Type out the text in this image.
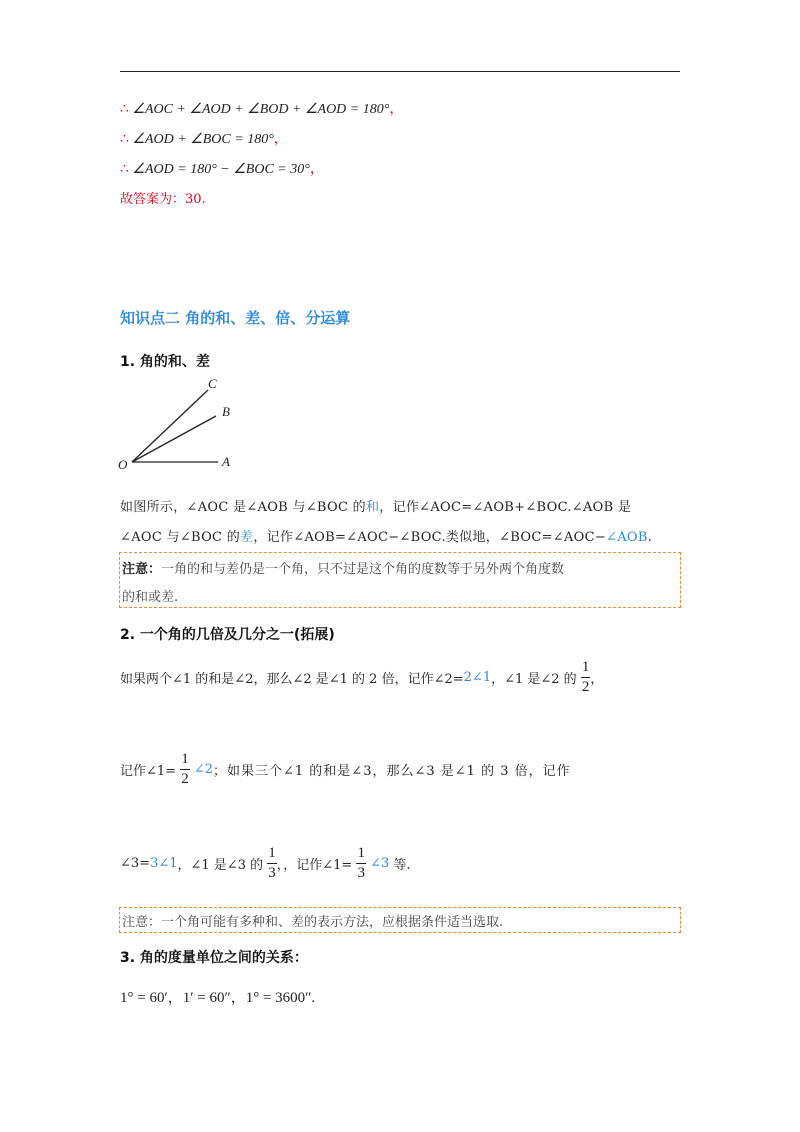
∴ ∠AOC + ∠AOD + ∠BOD + ∠AOD = 180°，
∴ ∠AOD + ∠BOC = 180°，
∴ ∠AOD = 180° − ∠BOC = 30°，
故答案为：30.
知识点二 角的和、差、倍、分运算
1. 角的和、差
C
B
O	A
如图所示，∠AOC 是∠AOB 与∠BOC 的和，记作∠AOC=∠AOB+∠BOC.∠AOB 是
∠AOC 与∠BOC 的差，记作∠AOB=∠AOC−∠BOC.类似地，∠BOC=∠AOC−∠AOB.
注意：一角的和与差仍是一个角，只不过是这个角的度数等于另外两个角度数
的和或差.
2. 一个角的几倍及几分之一(拓展)
如果两个∠1 的和是∠2，那么∠2 是∠1 的 2 倍，记作∠2=2∠1，∠1 是∠2 的 $\frac{1}{2}$ ，
记作∠1= $\frac{1}{2}$ ∠2；如果三个∠1 的和是∠3，那么∠3 是∠1 的 3 倍，记作
∠3=3∠1，∠1 是∠3 的 $\frac{1}{3}$ ，，记作∠1= $\frac{1}{3}$ ∠3 等.
注意：一个角可能有多种和、差的表示方法，应根据条件适当选取.
3. 角的度量单位之间的关系：
1° = 60′，1′ = 60″，1° = 3600″.
